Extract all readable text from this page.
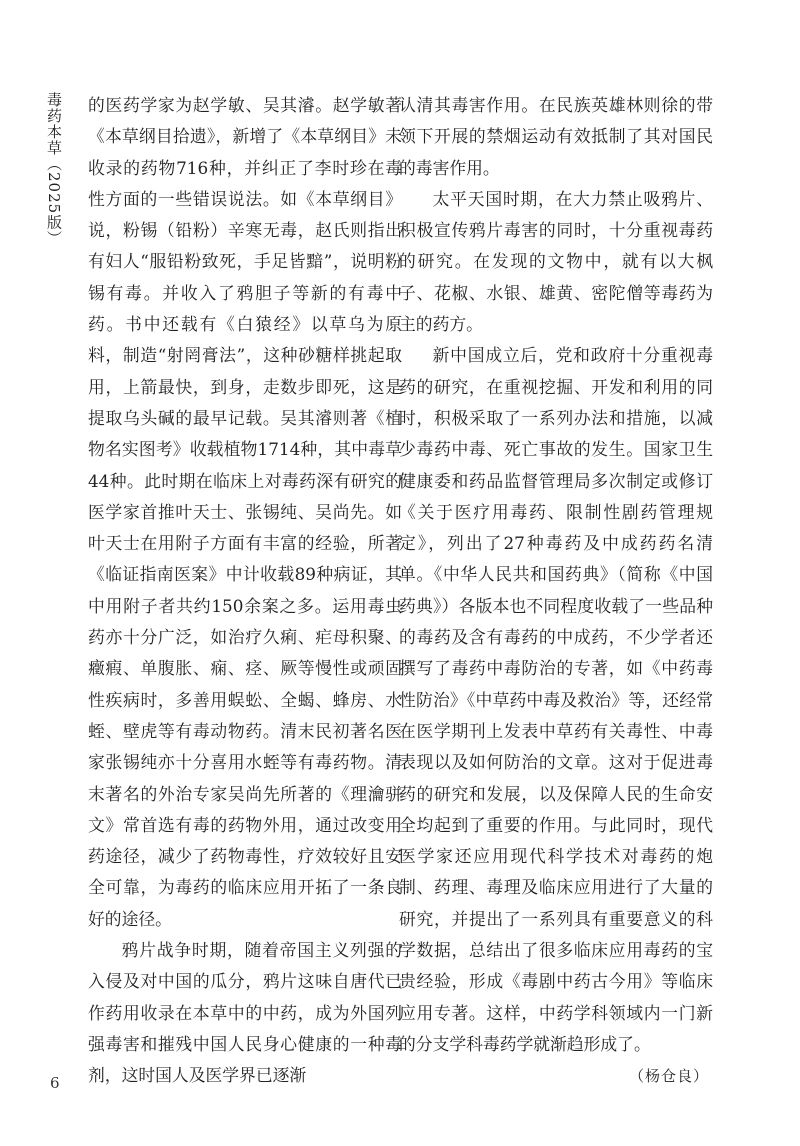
毒药本草（2025版）	的医药学家为赵学敏、吴其濬。赵学敏著《本草纲目拾遗》，新增了《本草纲目》未收录的药物716种，并纠正了李时珍在毒性方面的一些错误说法。如《本草纲目》说，粉锡（铅粉）辛寒无毒，赵氏则指出有妇人“服铅粉致死，手足皆黯”，说明粉锡有毒。并收入了鸦胆子等新的有毒中药。书中还载有《白猿经》以草乌为原料，制造“射罔膏法”，这种砂糖样挑起取用，上箭最快，到身，走数步即死，这是提取乌头碱的最早记载。吴其濬则著《植物名实图考》收载植物1714种，其中毒草44种。此时期在临床上对毒药深有研究的医学家首推叶天士、张锡纯、吴尚先。如叶天士在用附子方面有丰富的经验，所著《临证指南医案》中计收载89种病证，其中用附子者共约150余案之多。运用毒虫药亦十分广泛，如治疗久痢、疟母积聚、癥瘕、单腹胀、痫、痉、厥等慢性或顽固性疾病时，多善用蜈蚣、全蝎、蜂房、水蛭、壁虎等有毒动物药。清末民初著名医家张锡纯亦十分喜用水蛭等有毒药物。清末著名的外治专家吴尚先所著的《理瀹骈文》常首选有毒的药物外用，通过改变用药途径，减少了药物毒性，疗效较好且安全可靠，为毒药的临床应用开拓了一条良好的途径。

鸦片战争时期，随着帝国主义列强的入侵及对中国的瓜分，鸦片这味自唐代已作药用收录在本草中的中药，成为外国列强毒害和摧残中国人民身心健康的一种毒剂，这时国人及医学界已逐渐

认清其毒害作用。在民族英雄林则徐的带领下开展的禁烟运动有效抵制了其对国民的毒害作用。

太平天国时期，在大力禁止吸鸦片、积极宣传鸦片毒害的同时，十分重视毒药的研究。在发现的文物中，就有以大枫子、花椒、水银、雄黄、密陀僧等毒药为主的药方。

新中国成立后，党和政府十分重视毒药的研究，在重视挖掘、开发和利用的同时，积极采取了一系列办法和措施，以减少毒药中毒、死亡事故的发生。国家卫生健康委和药品监督管理局多次制定或修订《关于医疗用毒药、限制性剧药管理规定》，列出了27种毒药及中成药药名清单。《中华人民共和国药典》（简称《中国药典》）各版本也不同程度收载了一些品种的毒药及含有毒药的中成药，不少学者还撰写了毒药中毒防治的专著，如《中药毒性防治》《中草药中毒及救治》等，还经常在医学期刊上发表中草药有关毒性、中毒表现以及如何防治的文章。这对于促进毒药的研究和发展，以及保障人民的生命安全均起到了重要的作用。与此同时，现代医学家还应用现代科学技术对毒药的炮制、药理、毒理及临床应用进行了大量的研究，并提出了一系列具有重要意义的科学数据，总结出了很多临床应用毒药的宝贵经验，形成《毒剧中药古今用》等临床应用专著。这样，中药学科领域内一门新的分支学科毒药学就渐趋形成了。

（杨仓良）

6
